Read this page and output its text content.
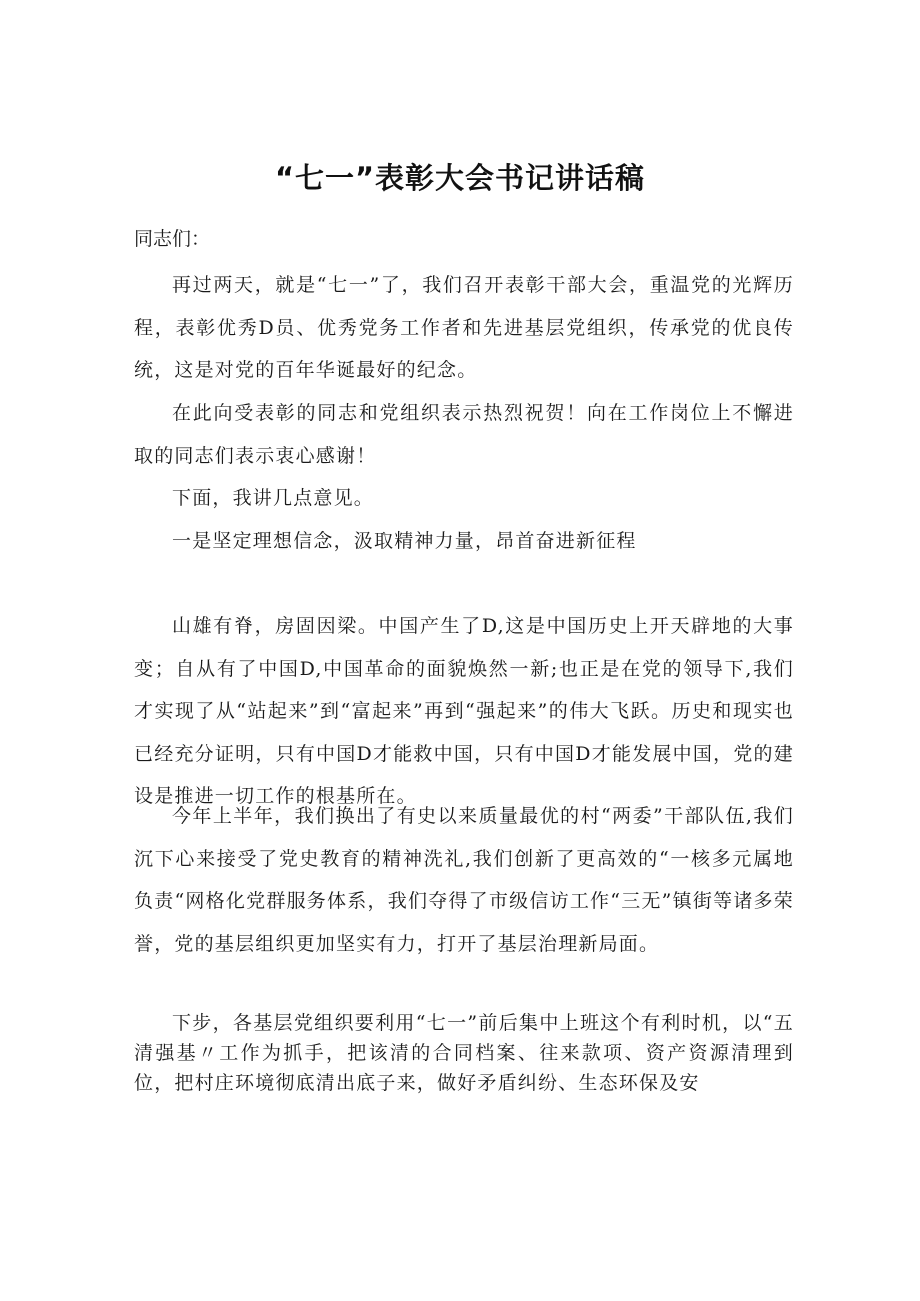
“七一”表彰大会书记讲话稿
同志们：

再过两天，就是“七一”了，我们召开表彰干部大会，重温党的光辉历程，表彰优秀D员、优秀党务工作者和先进基层党组织，传承党的优良传统，这是对党的百年华诞最好的纪念。

在此向受表彰的同志和党组织表示热烈祝贺！向在工作岗位上不懈进取的同志们表示衷心感谢！

下面，我讲几点意见。

一是坚定理想信念，汲取精神力量，昂首奋进新征程

山雄有脊，房固因梁。中国产生了D,这是中国历史上开天辟地的大事变；自从有了中国D,中国革命的面貌焕然一新;也正是在党的领导下,我们才实现了从“站起来”到“富起来”再到“强起来”的伟大飞跃。历史和现实也已经充分证明，只有中国D才能救中国，只有中国D才能发展中国，党的建设是推进一切工作的根基所在。

今年上半年，我们换出了有史以来质量最优的村“两委”干部队伍,我们沉下心来接受了党史教育的精神洗礼,我们创新了更高效的“一核多元属地负责“网格化党群服务体系，我们夺得了市级信访工作“三无”镇街等诸多荣誉，党的基层组织更加坚实有力，打开了基层治理新局面。

下步，各基层党组织要利用“七一”前后集中上班这个有利时机，以“五清强基〃工作为抓手，把该清的合同档案、往来款项、资产资源清理到位，把村庄环境彻底清出底子来，做好矛盾纠纷、生态环保及安
